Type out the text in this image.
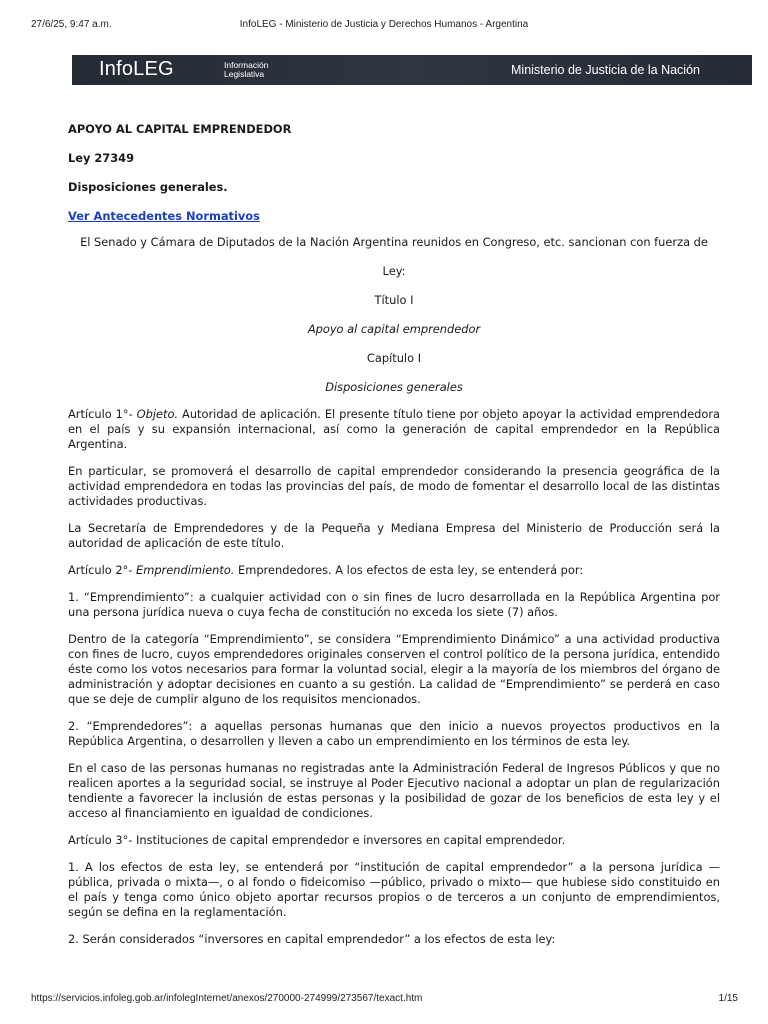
27/6/25, 9:47 a.m.	InfoLEG - Ministerio de Justicia y Derechos Humanos - Argentina
InfoLEG	Información
Legislativa	Ministerio de Justicia de la Nación

APOYO AL CAPITAL EMPRENDEDOR

Ley 27349

Disposiciones generales.

Ver Antecedentes Normativos

El Senado y Cámara de Diputados de la Nación Argentina reunidos en Congreso, etc. sancionan con fuerza de

Ley:

Título I

Apoyo al capital emprendedor

Capítulo I

Disposiciones generales

Artículo 1°- Objeto. Autoridad de aplicación. El presente título tiene por objeto apoyar la actividad emprendedora en el país y su expansión internacional, así como la generación de capital emprendedor en la República Argentina.

En particular, se promoverá el desarrollo de capital emprendedor considerando la presencia geográfica de la actividad emprendedora en todas las provincias del país, de modo de fomentar el desarrollo local de las distintas actividades productivas.

La Secretaría de Emprendedores y de la Pequeña y Mediana Empresa del Ministerio de Producción será la autoridad de aplicación de este título.

Artículo 2°- Emprendimiento. Emprendedores. A los efectos de esta ley, se entenderá por:

1. “Emprendimiento”: a cualquier actividad con o sin fines de lucro desarrollada en la República Argentina por una persona jurídica nueva o cuya fecha de constitución no exceda los siete (7) años.

Dentro de la categoría “Emprendimiento”, se considera “Emprendimiento Dinámico” a una actividad productiva con fines de lucro, cuyos emprendedores originales conserven el control político de la persona jurídica, entendido éste como los votos necesarios para formar la voluntad social, elegir a la mayoría de los miembros del órgano de administración y adoptar decisiones en cuanto a su gestión. La calidad de “Emprendimiento” se perderá en caso que se deje de cumplir alguno de los requisitos mencionados.

2. “Emprendedores”: a aquellas personas humanas que den inicio a nuevos proyectos productivos en la República Argentina, o desarrollen y lleven a cabo un emprendimiento en los términos de esta ley.

En el caso de las personas humanas no registradas ante la Administración Federal de Ingresos Públicos y que no realicen aportes a la seguridad social, se instruye al Poder Ejecutivo nacional a adoptar un plan de regularización tendiente a favorecer la inclusión de estas personas y la posibilidad de gozar de los beneficios de esta ley y el acceso al financiamiento en igualdad de condiciones.

Artículo 3°- Instituciones de capital emprendedor e inversores en capital emprendedor.

1. A los efectos de esta ley, se entenderá por “institución de capital emprendedor” a la persona jurídica —pública, privada o mixta—, o al fondo o fideicomiso —público, privado o mixto— que hubiese sido constituido en el país y tenga como único objeto aportar recursos propios o de terceros a un conjunto de emprendimientos, según se defina en la reglamentación.

2. Serán considerados “inversores en capital emprendedor” a los efectos de esta ley:

https://servicios.infoleg.gob.ar/infolegInternet/anexos/270000-274999/273567/texact.htm	1/15
